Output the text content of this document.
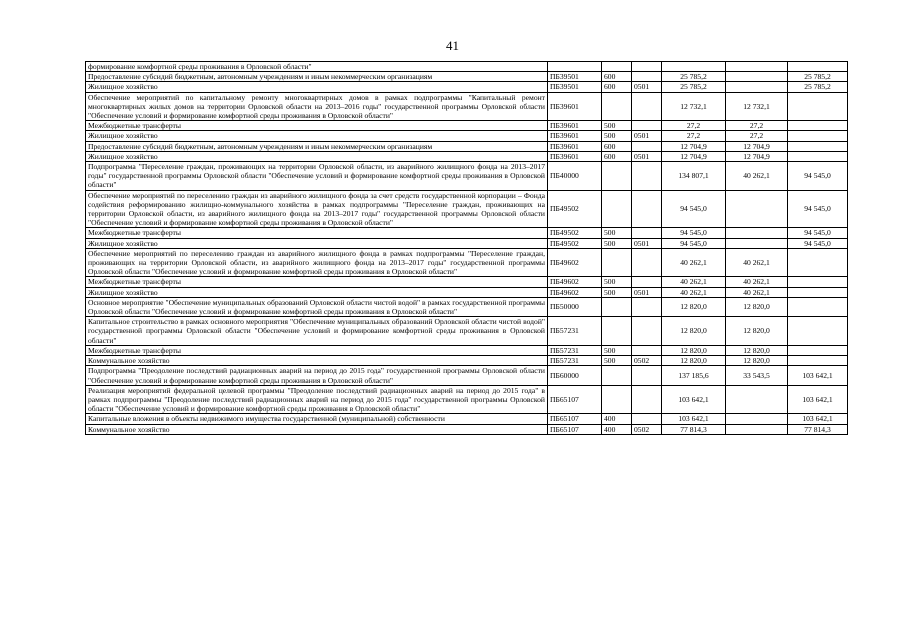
41
формирование комфортной среды проживания в Орловской области"						
Предоставление субсидий бюджетным, автономным учреждениям и иным некоммерческим организациям	ПБ39501	600		25 785,2		25 785,2
Жилищное хозяйство	ПБ39501	600	0501	25 785,2		25 785,2
Обеспечение мероприятий по капитальному ремонту многоквартирных домов в рамках подпрограммы "Капитальный ремонт многоквартирных жилых домов на территории Орловской области на 2013–2016 годы" государственной программы Орловской области "Обеспечение условий и формирование комфортной среды проживания в Орловской области"	ПБ39601			12 732,1	12 732,1	
Межбюджетные трансферты	ПБ39601	500		27,2	27,2	
Жилищное хозяйство	ПБ39601	500	0501	27,2	27,2	
Предоставление субсидий бюджетным, автономным учреждениям и иным некоммерческим организациям	ПБ39601	600		12 704,9	12 704,9	
Жилищное хозяйство	ПБ39601	600	0501	12 704,9	12 704,9	
Подпрограмма "Переселение граждан, проживающих на территории Орловской области, из аварийного жилищного фонда на 2013–2017 годы" государственной программы Орловской области "Обеспечение условий и формирование комфортной среды проживания в Орловской области"	ПБ40000			134 807,1	40 262,1	94 545,0
Обеспечение мероприятий по переселению граждан из аварийного жилищного фонда за счет средств государственной корпорации – Фонда содействия реформированию жилищно-коммунального хозяйства в рамках подпрограммы "Переселение граждан, проживающих на территории Орловской области, из аварийного жилищного фонда на 2013–2017 годы" государственной программы Орловской области "Обеспечение условий и формирование комфортной среды проживания в Орловской области"	ПБ49502			94 545,0		94 545,0
Межбюджетные трансферты	ПБ49502	500		94 545,0		94 545,0
Жилищное хозяйство	ПБ49502	500	0501	94 545,0		94 545,0
Обеспечение мероприятий по переселению граждан из аварийного жилищного фонда в рамках подпрограммы "Переселение граждан, проживающих на территории Орловской области, из аварийного жилищного фонда на 2013–2017 годы" государственной программы Орловской области "Обеспечение условий и формирование комфортной среды проживания в Орловской области"	ПБ49602			40 262,1	40 262,1	
Межбюджетные трансферты	ПБ49602	500		40 262,1	40 262,1	
Жилищное хозяйство	ПБ49602	500	0501	40 262,1	40 262,1	
Основное мероприятие "Обеспечение муниципальных образований Орловской области чистой водой" в рамках государственной программы Орловской области "Обеспечение условий и формирование комфортной среды проживания в Орловской области"	ПБ50000			12 820,0	12 820,0	
Капитальное строительство в рамках основного мероприятия "Обеспечение муниципальных образований Орловской области чистой водой" государственной программы Орловской области "Обеспечение условий и формирование комфортной среды проживания в Орловской области"	ПБ57231			12 820,0	12 820,0	
Межбюджетные трансферты	ПБ57231	500		12 820,0	12 820,0	
Коммунальное хозяйство	ПБ57231	500	0502	12 820,0	12 820,0	
Подпрограмма "Преодоление последствий радиационных аварий на период до 2015 года" государственной программы Орловской области "Обеспечение условий и формирование комфортной среды проживания в Орловской области"	ПБ60000			137 185,6	33 543,5	103 642,1
Реализация мероприятий федеральной целевой программы "Преодоление последствий радиационных аварий на период до 2015 года" в рамках подпрограммы "Преодоление последствий радиационных аварий на период до 2015 года" государственной программы Орловской области "Обеспечение условий и формирование комфортной среды проживания в Орловской области"	ПБ65107			103 642,1		103 642,1
Капитальные вложения в объекты недвижимого имущества государственной (муниципальной) собственности	ПБ65107	400		103 642,1		103 642,1
Коммунальное хозяйство	ПБ65107	400	0502	77 814,3		77 814,3
